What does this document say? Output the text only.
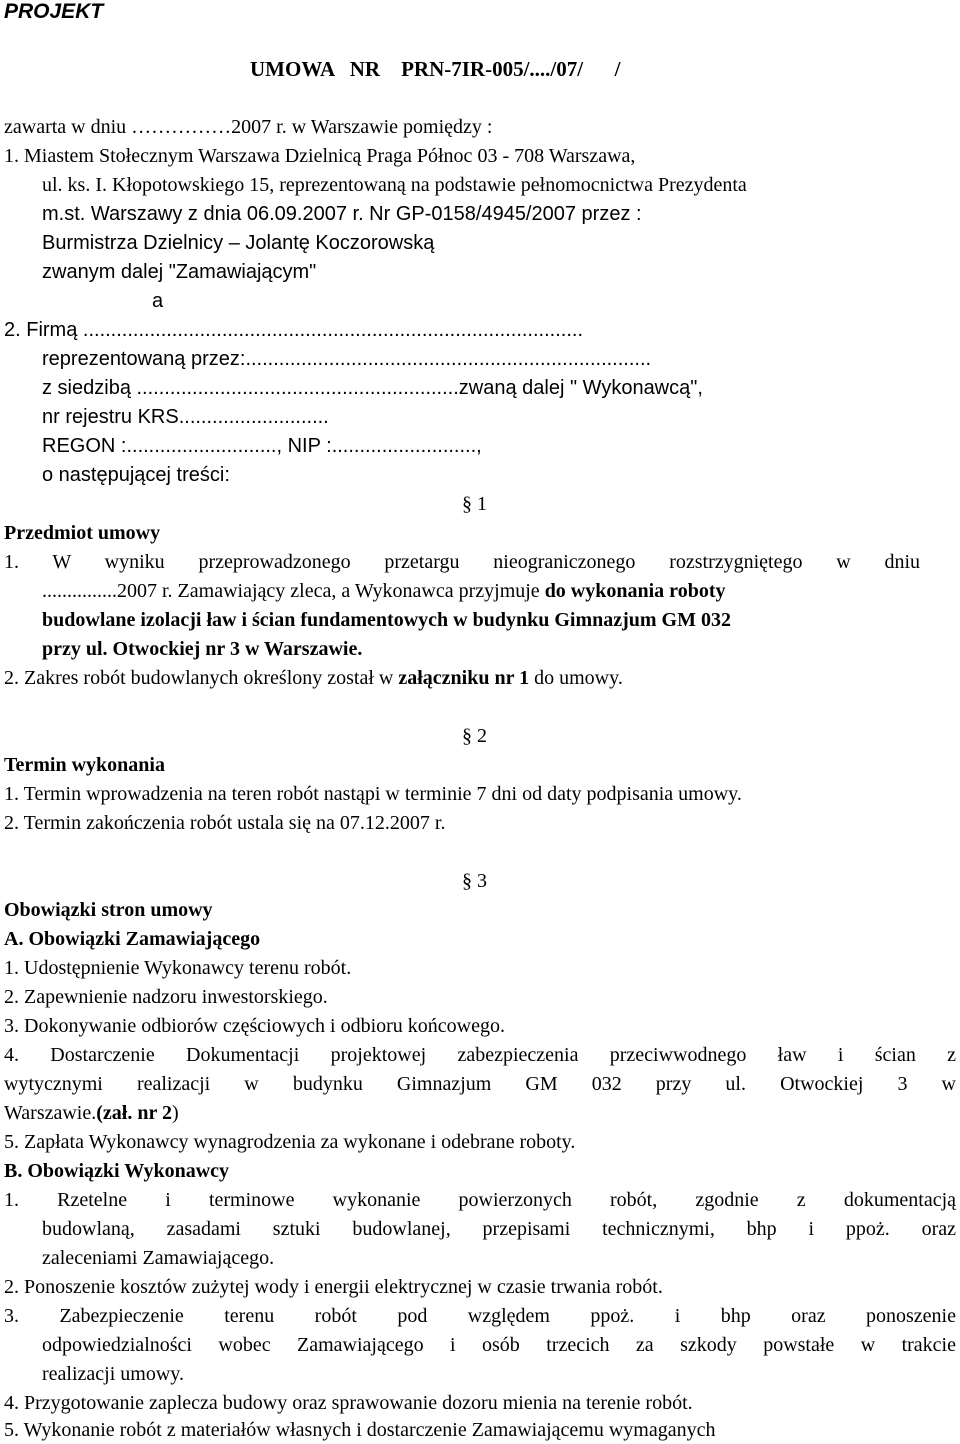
PROJEKT
UMOWA   NR    PRN-7IR-005/..../07/      /
zawarta w dniu ……………2007 r. w Warszawie pomiędzy :
1. Miastem Stołecznym Warszawa Dzielnicą Praga Północ 03 - 708 Warszawa,
ul. ks. I. Kłopotowskiego 15, reprezentowaną na podstawie pełnomocnictwa Prezydenta
m.st. Warszawy z dnia 06.09.2007 r. Nr GP-0158/4945/2007 przez :
Burmistrza Dzielnicy – Jolantę Koczorowską
zwanym dalej "Zamawiającym"
a
2. Firmą ..........................................................................................
reprezentowaną przez:.........................................................................
z siedzibą ..........................................................zwaną dalej " Wykonawcą",
nr rejestru KRS...........................
REGON :..........................., NIP :..........................,
o następującej treści:
§ 1
Przedmiot umowy
1. W wyniku przeprowadzonego przetargu nieograniczonego rozstrzygniętego w dniu
...............2007 r. Zamawiający zleca, a Wykonawca przyjmuje do wykonania roboty
budowlane izolacji ław i ścian fundamentowych w budynku Gimnazjum GM 032
przy ul. Otwockiej nr 3 w Warszawie.
2. Zakres robót budowlanych określony został w załączniku nr 1 do umowy.
§ 2
Termin wykonania
1. Termin wprowadzenia na teren robót nastąpi w terminie 7 dni od daty podpisania umowy.
2. Termin zakończenia robót ustala się na 07.12.2007 r.
§ 3
Obowiązki stron umowy
A. Obowiązki Zamawiającego
1. Udostępnienie Wykonawcy terenu robót.
2. Zapewnienie nadzoru inwestorskiego.
3. Dokonywanie odbiorów częściowych i odbioru końcowego.
4. Dostarczenie Dokumentacji projektowej zabezpieczenia przeciwwodnego ław i ścian z
wytycznymi realizacji w budynku Gimnazjum GM 032 przy ul. Otwockiej 3 w
Warszawie.(zał. nr 2)
5. Zapłata Wykonawcy wynagrodzenia za wykonane i odebrane roboty.
B. Obowiązki Wykonawcy
1. Rzetelne i terminowe wykonanie powierzonych robót, zgodnie z dokumentacją
budowlaną, zasadami sztuki budowlanej, przepisami technicznymi, bhp i ppoż. oraz
zaleceniami Zamawiającego.
2. Ponoszenie kosztów zużytej wody i energii elektrycznej w czasie trwania robót.
3. Zabezpieczenie terenu robót pod względem ppoż. i bhp oraz ponoszenie
odpowiedzialności wobec Zamawiającego i osób trzecich za szkody powstałe w trakcie
realizacji umowy.
4. Przygotowanie zaplecza budowy oraz sprawowanie dozoru mienia na terenie robót.
5. Wykonanie robót z materiałów własnych i dostarczenie Zamawiającemu wymaganych
